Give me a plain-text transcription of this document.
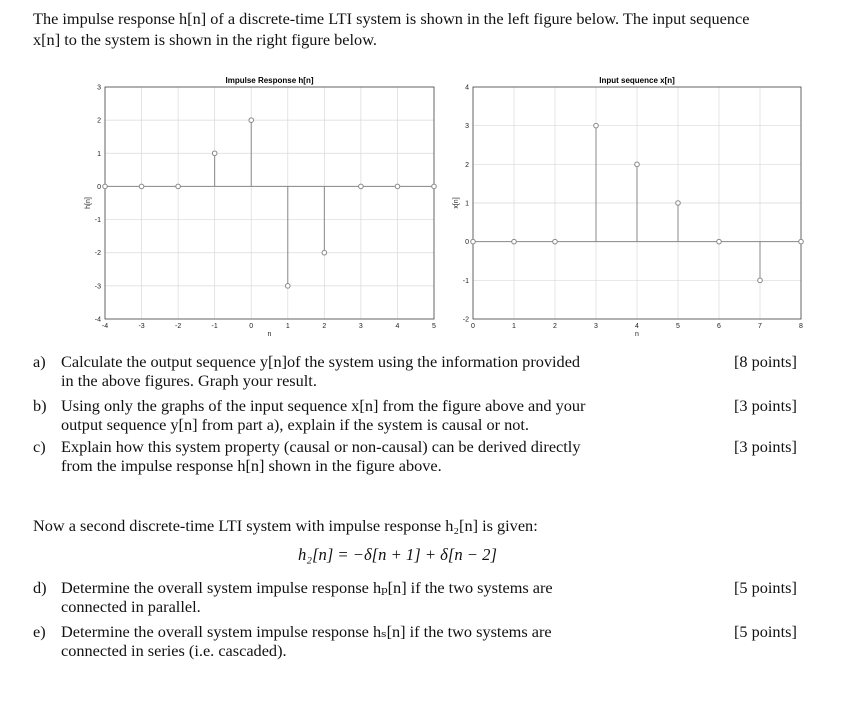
The impulse response h[n] of a discrete-time LTI system is shown in the left figure below. The input sequence

x[n] to the system is shown in the right figure below.

-4	-3	-2	-1	0	1	2	3	4	5
-4
-3
-2
-1
0
1
2
3
Impulse Response h[n]
n
h[n]
0	1	2	3	4	5	6	7	8
-2
-1
0
1
2
3
4
Input sequence x[n]
n
x[n]
a) Calculate the output sequence y[n]of the system using the information provided
in the above figures. Graph your result.
[8 points]
b) Using only the graphs of the input sequence x[n] from the figure above and your
output sequence y[n] from part a), explain if the system is causal or not.
[3 points]
c) Explain how this system property (causal or non-causal) can be derived directly
from the impulse response h[n] shown in the figure above.
[3 points]
Now a second discrete-time LTI system with impulse response h₂[n] is given:
h₂[n] = −δ[n + 1] + δ[n − 2]
d) Determine the overall system impulse response hₚ[n] if the two systems are
connected in parallel.
[5 points]
e) Determine the overall system impulse response hₛ[n] if the two systems are
connected in series (i.e. cascaded).
[5 points]
